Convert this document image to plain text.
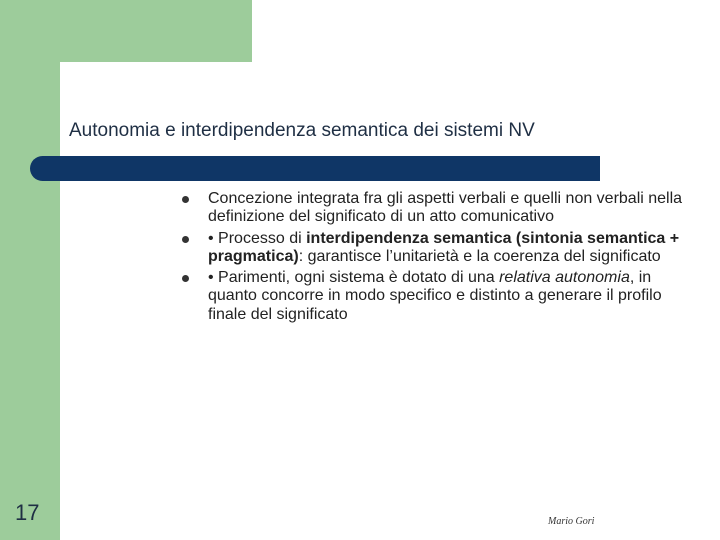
Autonomia e interdipendenza semantica dei sistemi NV
Concezione integrata fra gli aspetti verbali e quelli non verbali nella definizione del significato di un atto comunicativo
• Processo di interdipendenza semantica (sintonia semantica + pragmatica): garantisce l’unitarietà e la coerenza del significato
• Parimenti, ogni sistema è dotato di una relativa autonomia, in quanto concorre in modo specifico e distinto a generare il profilo finale del significato
17	Mario Gori
